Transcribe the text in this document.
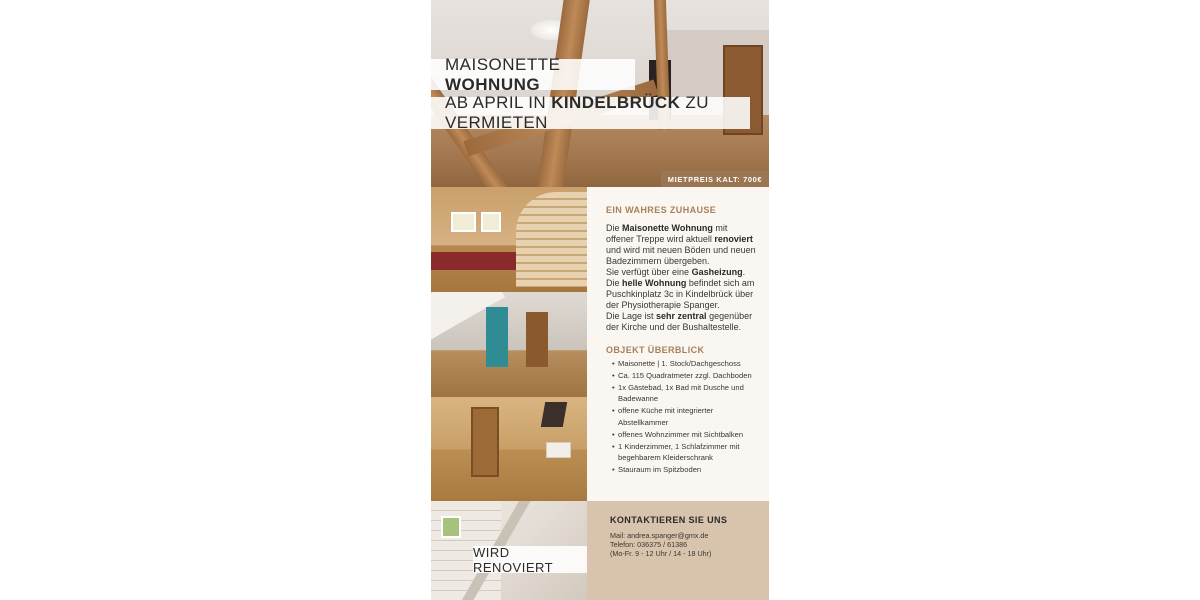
MAISONETTE WOHNUNG
AB APRIL IN KINDELBRÜCK ZU VERMIETEN
MIETPREIS KALT: 700€
WIRD RENOVIERT
EIN WAHRES ZUHAUSE
Die Maisonette Wohnung mit offener Treppe wird aktuell renoviert und wird mit neuen Böden und neuen Badezimmern übergeben.
Sie verfügt über eine Gasheizung.
Die helle Wohnung befindet sich am Puschkinplatz 3c in Kindelbrück über der Physiotherapie Spanger.
Die Lage ist sehr zentral gegenüber der Kirche und der Bushaltestelle.
OBJEKT ÜBERBLICK
• Maisonette | 1. Stock/Dachgeschoss
• Ca. 115 Quadratmeter zzgl. Dachboden
• 1x Gästebad, 1x Bad mit Dusche und Badewanne
• offene Küche mit integrierter Abstellkammer
• offenes Wohnzimmer mit Sichtbalken
• 1 Kinderzimmer, 1 Schlafzimmer mit begehbarem Kleiderschrank
• Stauraum im Spitzboden
KONTAKTIEREN SIE UNS
Mail: andrea.spanger@gmx.de
Telefon: 036375 / 61386
(Mo-Fr. 9 - 12 Uhr / 14 - 18 Uhr)
